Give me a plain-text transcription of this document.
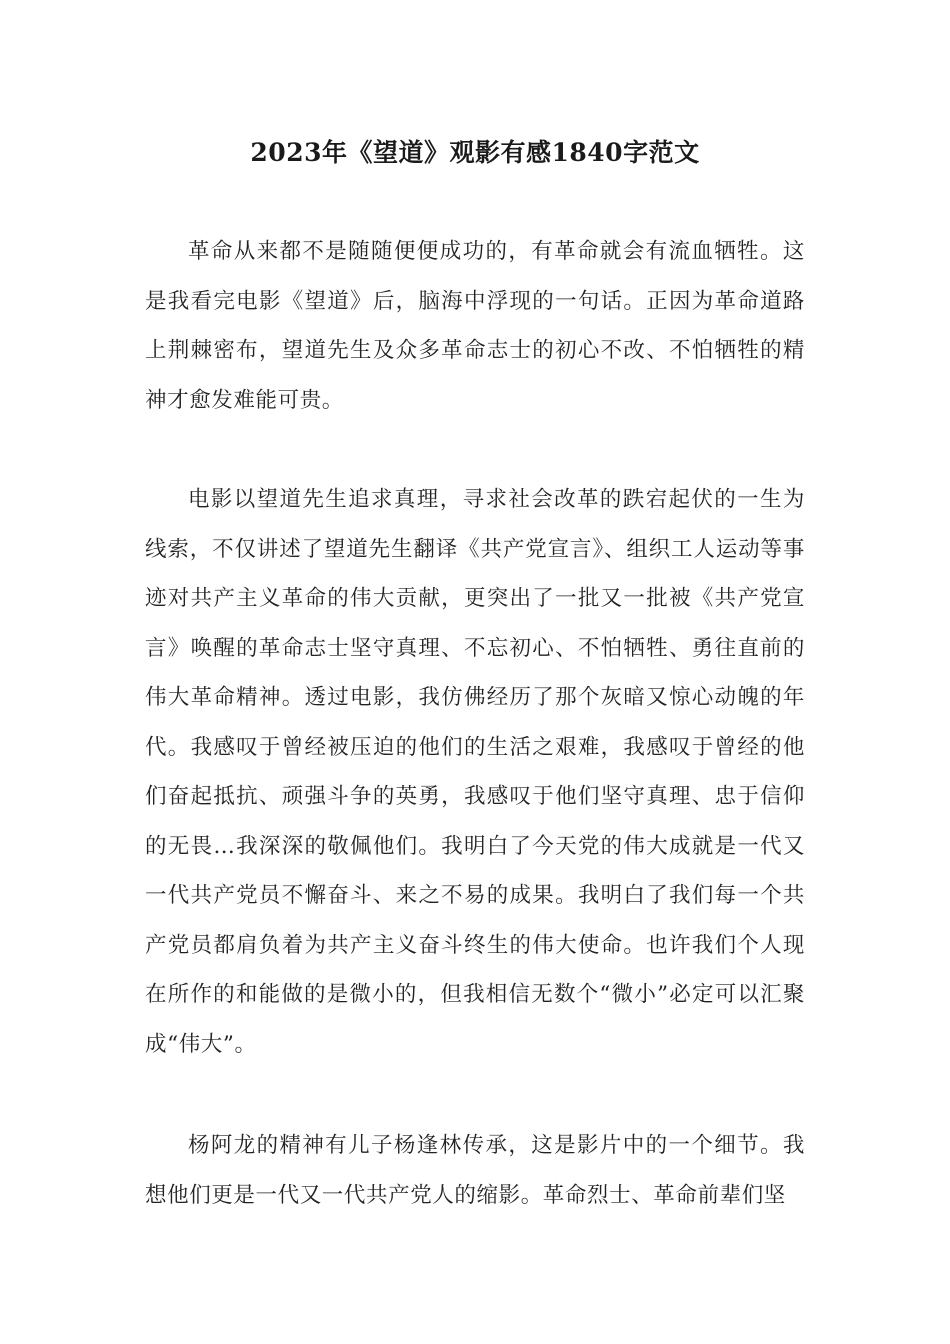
2023年《望道》观影有感1840字范文

革命从来都不是随随便便成功的，有革命就会有流血牺牲。这是我看完电影《望道》后，脑海中浮现的一句话。正因为革命道路上荆棘密布，望道先生及众多革命志士的初心不改、不怕牺牲的精神才愈发难能可贵。

电影以望道先生追求真理，寻求社会改革的跌宕起伏的一生为线索，不仅讲述了望道先生翻译《共产党宣言》、组织工人运动等事迹对共产主义革命的伟大贡献，更突出了一批又一批被《共产党宣言》唤醒的革命志士坚守真理、不忘初心、不怕牺牲、勇往直前的伟大革命精神。透过电影，我仿佛经历了那个灰暗又惊心动魄的年代。我感叹于曾经被压迫的他们的生活之艰难，我感叹于曾经的他们奋起抵抗、顽强斗争的英勇，我感叹于他们坚守真理、忠于信仰的无畏…我深深的敬佩他们。我明白了今天党的伟大成就是一代又一代共产党员不懈奋斗、来之不易的成果。我明白了我们每一个共产党员都肩负着为共产主义奋斗终生的伟大使命。也许我们个人现在所作的和能做的是微小的，但我相信无数个“微小”必定可以汇聚成“伟大”。

杨阿龙的精神有儿子杨逢林传承，这是影片中的一个细节。我想他们更是一代又一代共产党人的缩影。革命烈士、革命前辈们坚
